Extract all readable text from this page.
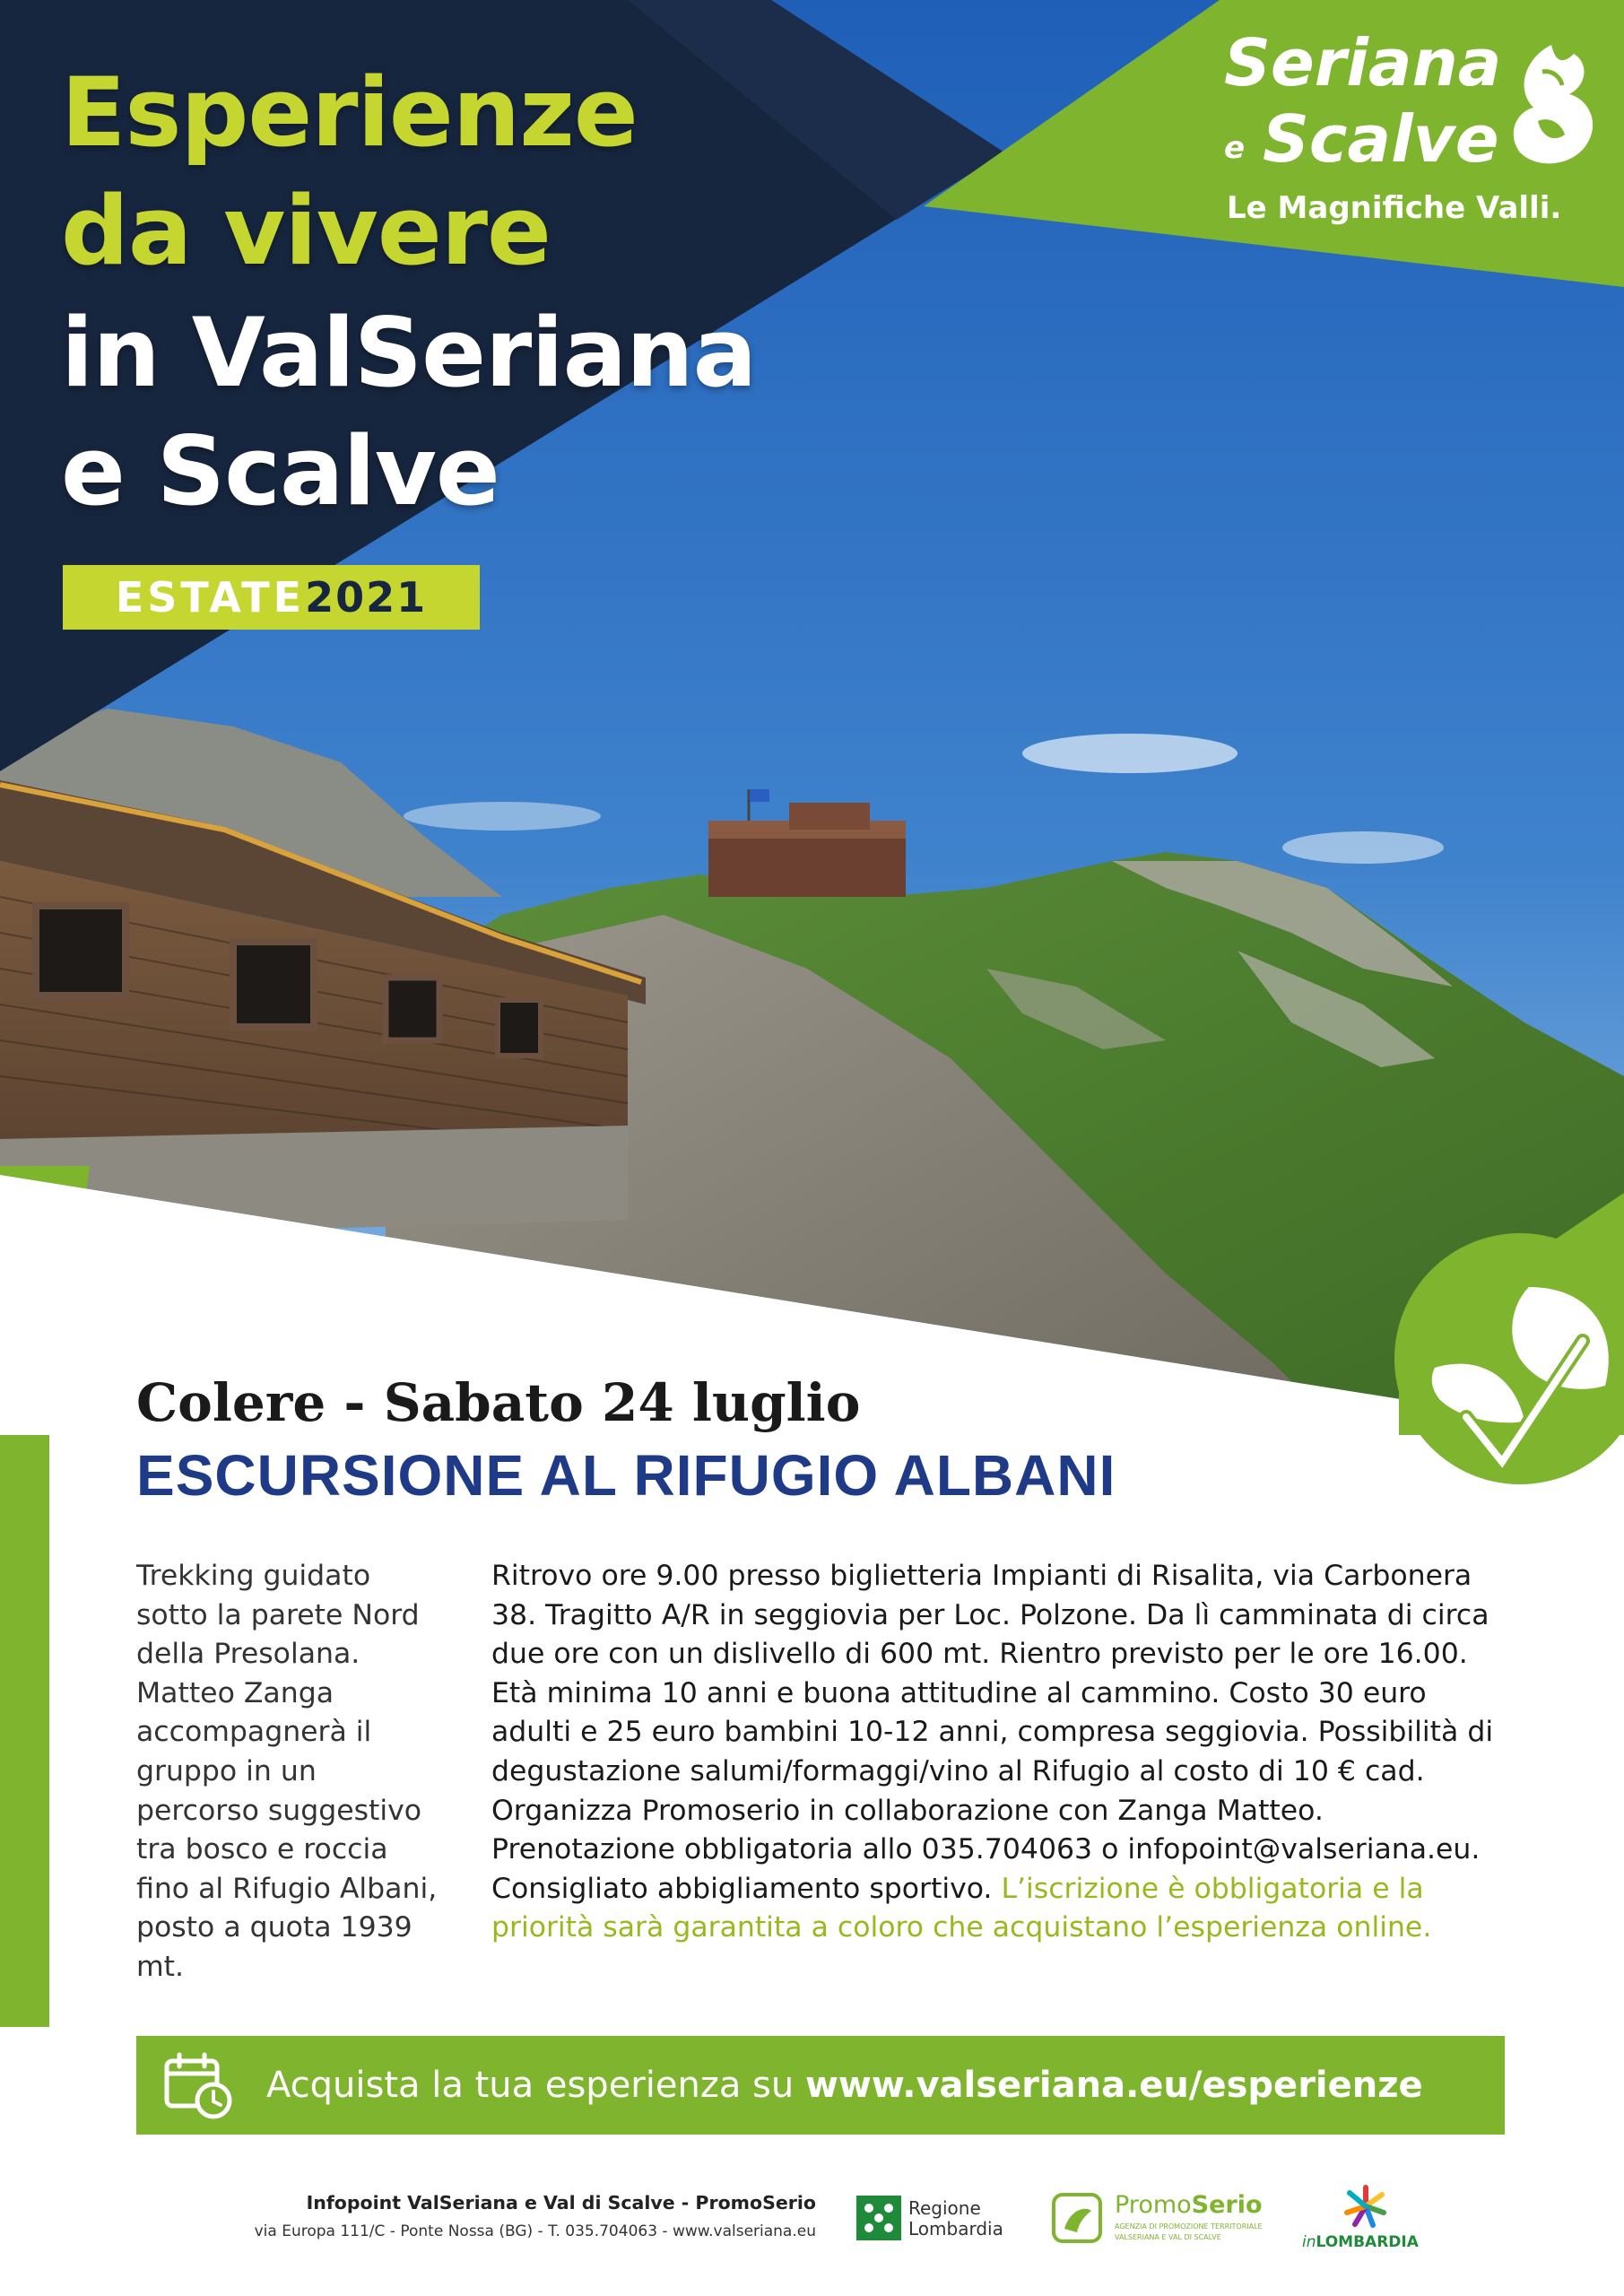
Esperienze
da vivere
in ValSeriana
e Scalve
ESTATE 2021
Seriana
e Scalve
Le Magnifiche Valli.
Colere - Sabato 24 luglio
ESCURSIONE AL RIFUGIO ALBANI
Trekking guidato sotto la parete Nord della Presolana. Matteo Zanga accompagnerà il gruppo in un percorso suggestivo tra bosco e roccia fino al Rifugio Albani, posto a quota 1939 mt.
Ritrovo ore 9.00 presso biglietteria Impianti di Risalita, via Carbonera 38. Tragitto A/R in seggiovia per Loc. Polzone. Da lì camminata di circa due ore con un dislivello di 600 mt. Rientro previsto per le ore 16.00. Età minima 10 anni e buona attitudine al cammino. Costo 30 euro adulti e 25 euro bambini 10-12 anni, compresa seggiovia. Possibilità di degustazione salumi/formaggi/vino al Rifugio al costo di 10 € cad. Organizza Promoserio in collaborazione con Zanga Matteo. Prenotazione obbligatoria allo 035.704063 o infopoint@valseriana.eu. Consigliato abbigliamento sportivo. L’iscrizione è obbligatoria e la priorità sarà garantita a coloro che acquistano l’esperienza online.
Acquista la tua esperienza su www.valseriana.eu/esperienze
Infopoint ValSeriana e Val di Scalve - PromoSerio
via Europa 111/C - Ponte Nossa (BG) - T. 035.704063 - www.valseriana.eu
Regione
Lombardia
PromoSerio
AGENZIA DI PROMOZIONE TERRITORIALE
VALSERIANA E VAL DI SCALVE	inLOMBARDIA
